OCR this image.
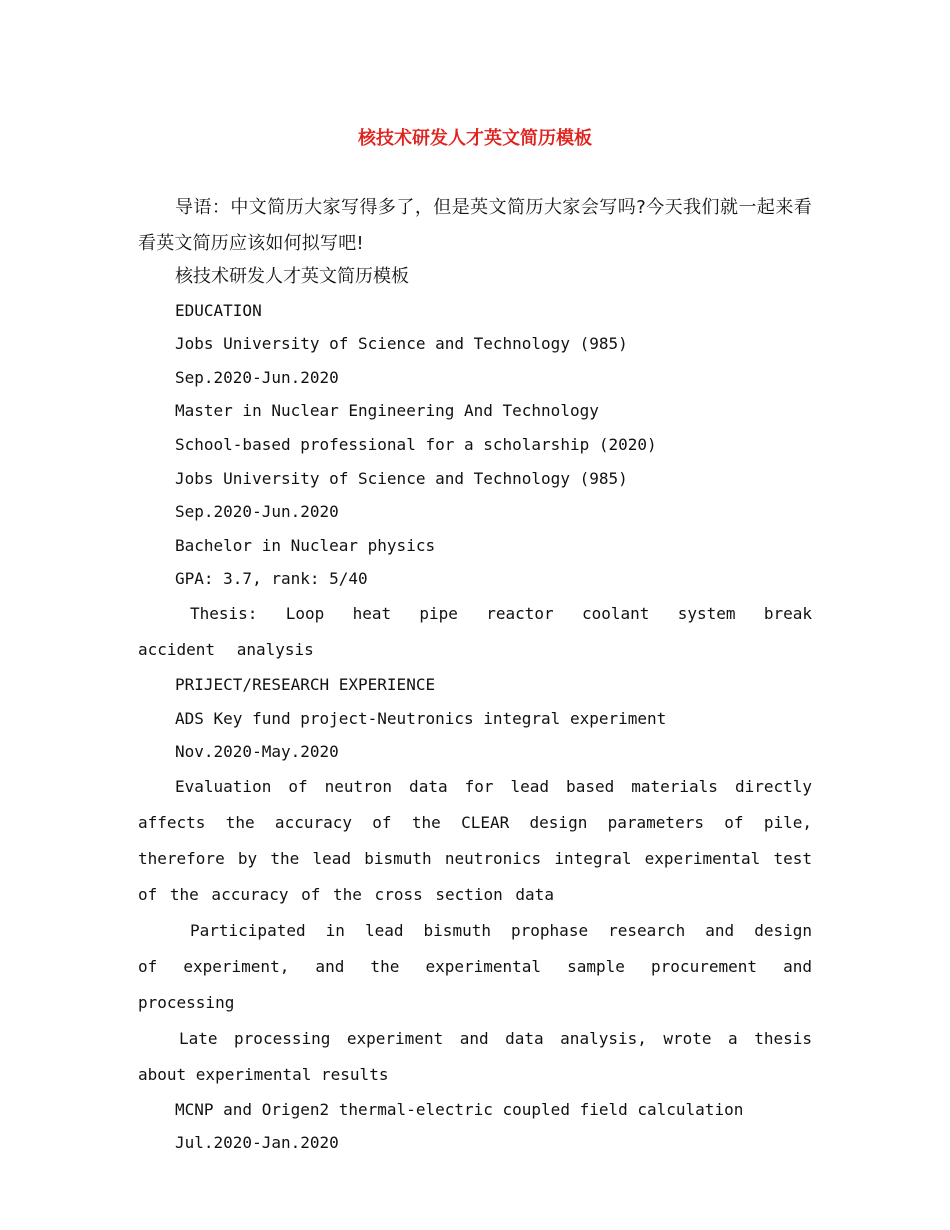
核技术研发人才英文简历模板

导语：中文简历大家写得多了，但是英文简历大家会写吗?今天我们就一起来看看英文简历应该如何拟写吧!

核技术研发人才英文简历模板

EDUCATION

Jobs University of Science and Technology (985)

Sep.2020-Jun.2020

Master in Nuclear Engineering And Technology

School-based professional for a scholarship (2020)

Jobs University of Science and Technology (985)

Sep.2020-Jun.2020

Bachelor in Nuclear physics

GPA: 3.7, rank: 5/40

Thesis: Loop heat pipe reactor coolant system break accident analysis

PRIJECT/RESEARCH EXPERIENCE

ADS Key fund project-Neutronics integral experiment

Nov.2020-May.2020

Evaluation of neutron data for lead based materials directly affects the accuracy of the CLEAR design parameters of pile, therefore by the lead bismuth neutronics integral experimental test of the accuracy of the cross section data

Participated in lead bismuth prophase research and design of experiment, and the experimental sample procurement and processing

Late processing experiment and data analysis, wrote a thesis about experimental results

MCNP and Origen2 thermal-electric coupled field calculation

Jul.2020-Jan.2020
